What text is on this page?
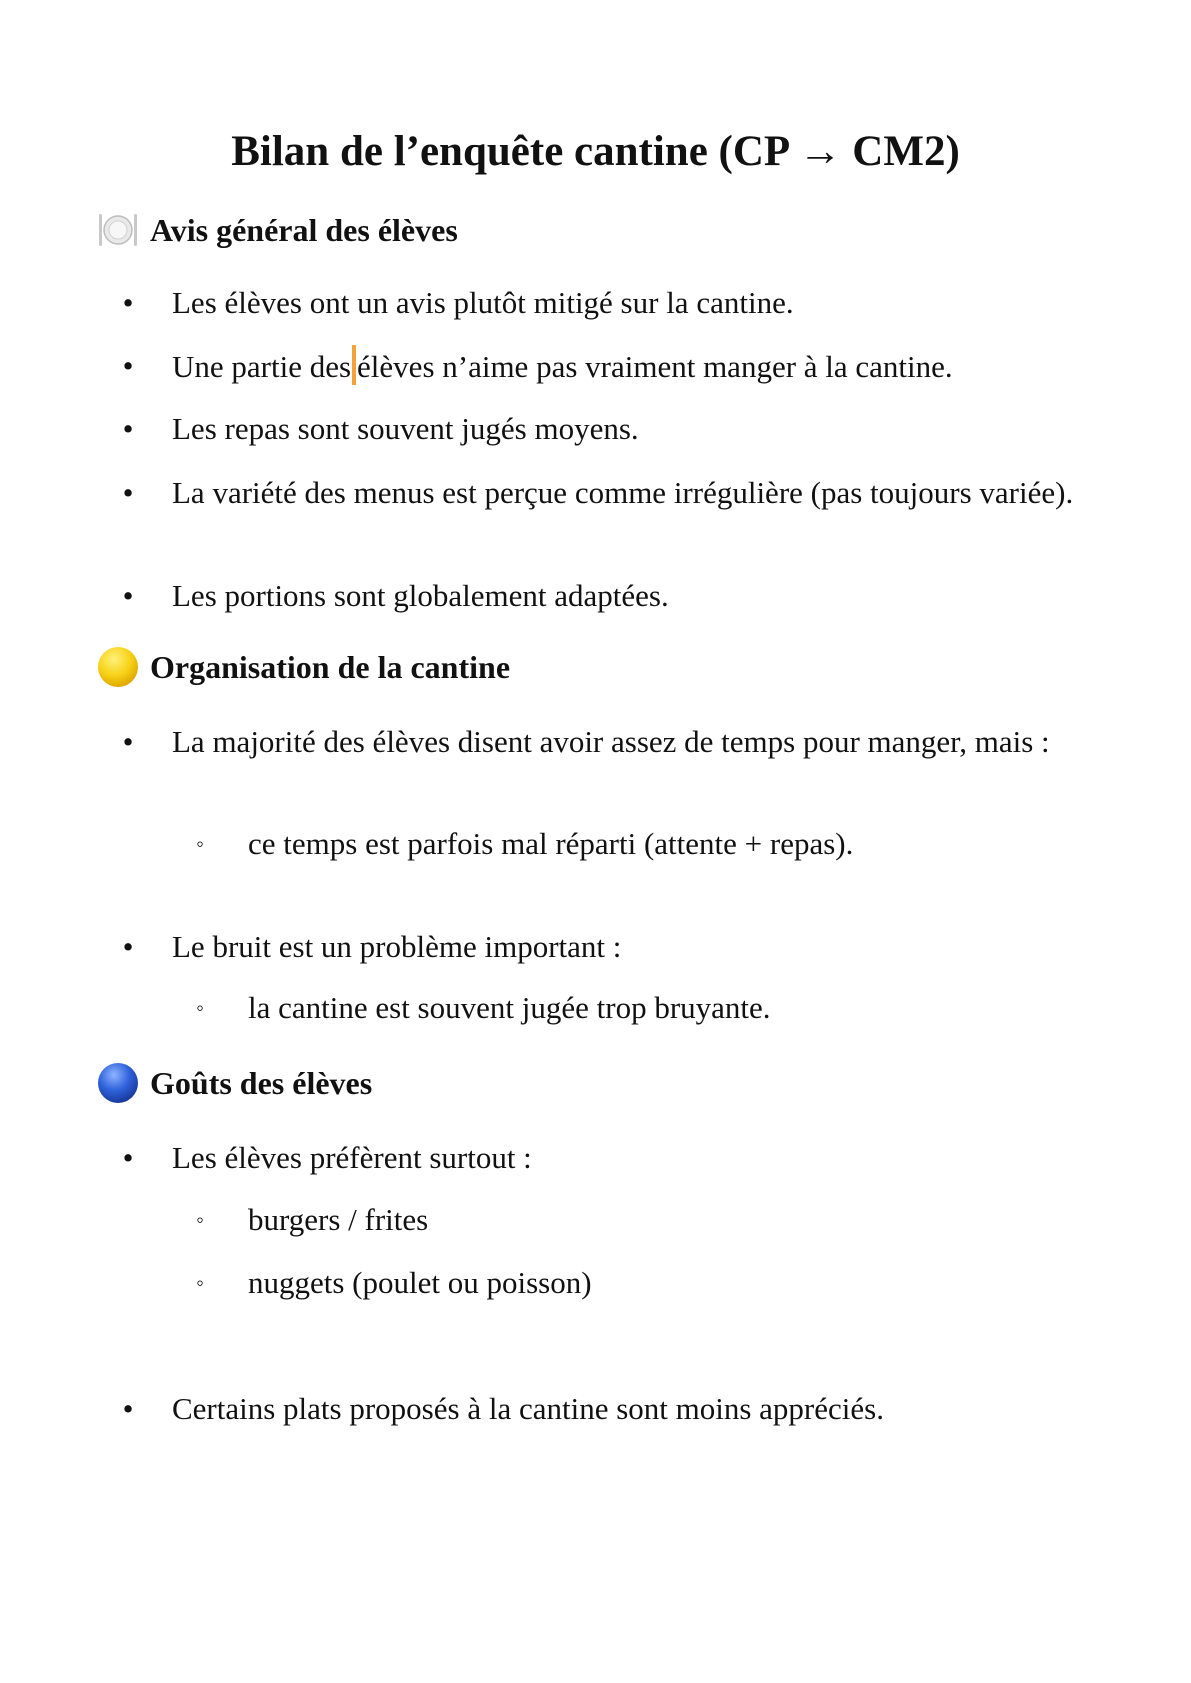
Bilan de l’enquête cantine (CP → CM2)
Avis général des élèves
• Les élèves ont un avis plutôt mitigé sur la cantine.
• Une partie des élèves n’aime pas vraiment manger à la cantine.
• Les repas sont souvent jugés moyens.
• La variété des menus est perçue comme irrégulière (pas toujours variée).
• Les portions sont globalement adaptées.
Organisation de la cantine
• La majorité des élèves disent avoir assez de temps pour manger, mais :
◦ ce temps est parfois mal réparti (attente + repas).
• Le bruit est un problème important :
◦ la cantine est souvent jugée trop bruyante.
Goûts des élèves
• Les élèves préfèrent surtout :
◦ burgers / frites
◦ nuggets (poulet ou poisson)
• Certains plats proposés à la cantine sont moins appréciés.
